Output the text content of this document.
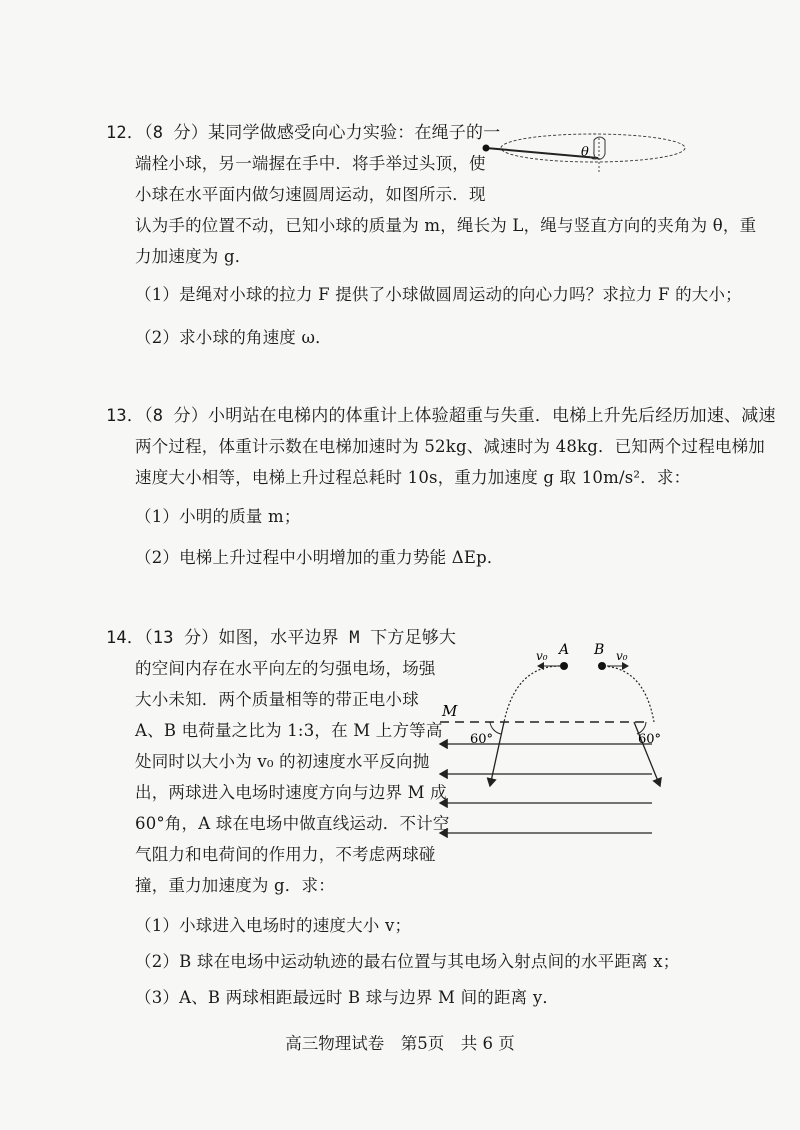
12．（8 分）某同学做感受向心力实验：在绳子的一
端栓小球，另一端握在手中．将手举过头顶，使
小球在水平面内做匀速圆周运动，如图所示．现
认为手的位置不动，已知小球的质量为 m，绳长为 L，绳与竖直方向的夹角为 θ，重
力加速度为 g．
（1）是绳对小球的拉力 F 提供了小球做圆周运动的向心力吗？求拉力 F 的大小；
（2）求小球的角速度 ω．
θ
13．（8 分）小明站在电梯内的体重计上体验超重与失重．电梯上升先后经历加速、减速
两个过程，体重计示数在电梯加速时为 52kg、减速时为 48kg．已知两个过程电梯加
速度大小相等，电梯上升过程总耗时 10s，重力加速度 g 取 10m/s²．求：
（1）小明的质量 m；
（2）电梯上升过程中小明增加的重力势能 ΔEp．
14．（13 分）如图，水平边界 M 下方足够大
的空间内存在水平向左的匀强电场，场强
大小未知．两个质量相等的带正电小球
A、B 电荷量之比为 1:3，在 M 上方等高
处同时以大小为 v₀ 的初速度水平反向抛
出，两球进入电场时速度方向与边界 M 成
60°角，A 球在电场中做直线运动．不计空
气阻力和电荷间的作用力，不考虑两球碰
撞，重力加速度为 g．求：
（1）小球进入电场时的速度大小 v；
（2）B 球在电场中运动轨迹的最右位置与其电场入射点间的水平距离 x；
（3）A、B 两球相距最远时 B 球与边界 M 间的距离 y．
M
A B
v₀	v₀
60°	60°
高三物理试卷　第5页　共 6 页
